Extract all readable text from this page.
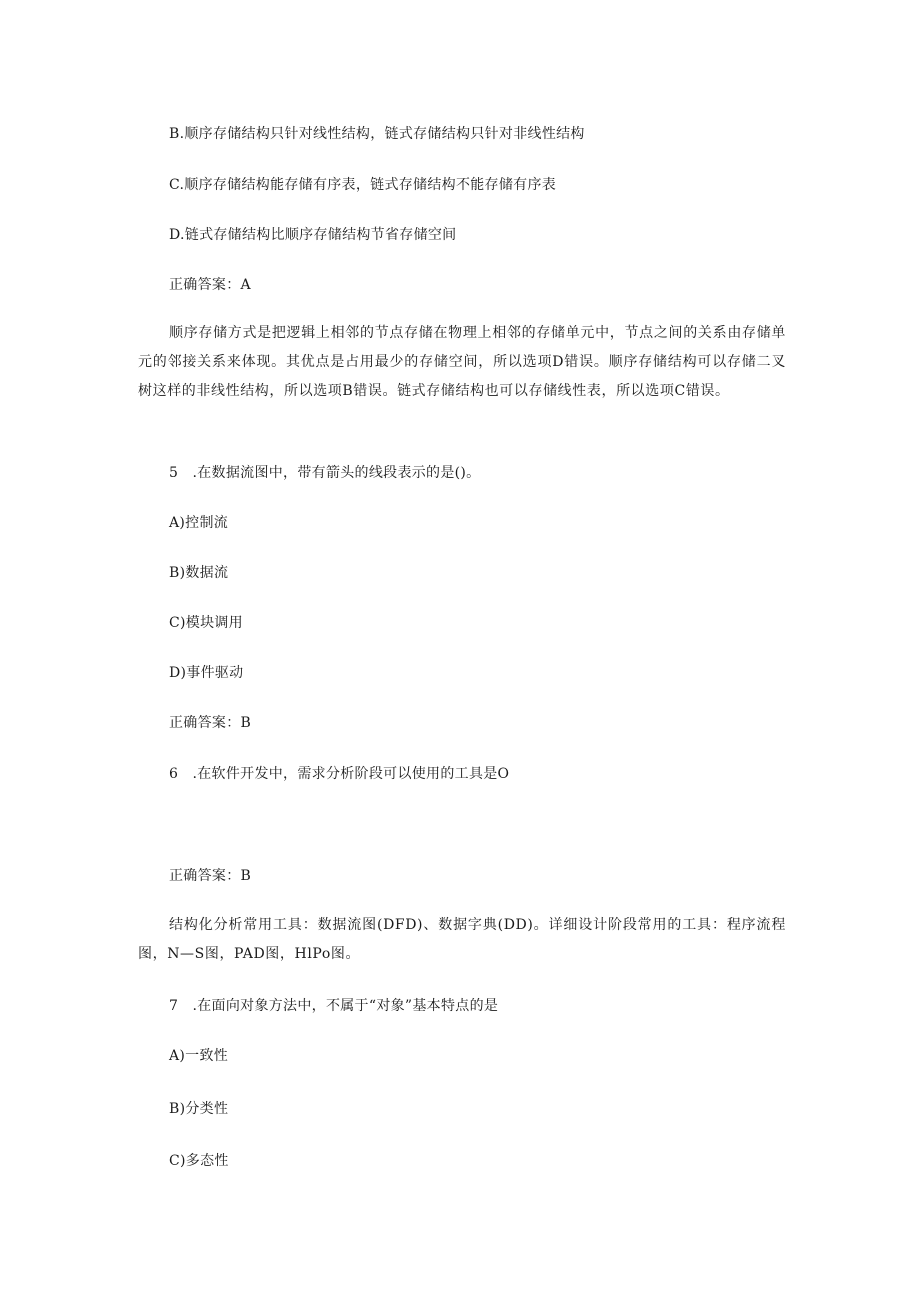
B.顺序存储结构只针对线性结构，链式存储结构只针对非线性结构
C.顺序存储结构能存储有序表，链式存储结构不能存储有序表
D.链式存储结构比顺序存储结构节省存储空间
正确答案：A
顺序存储方式是把逻辑上相邻的节点存储在物理上相邻的存储单元中，节点之间的关系由存储单元的邻接关系来体现。其优点是占用最少的存储空间，所以选项D错误。顺序存储结构可以存储二叉树这样的非线性结构，所以选项B错误。链式存储结构也可以存储线性表，所以选项C错误。
5　.在数据流图中，带有箭头的线段表示的是()。
A)控制流
B)数据流
C)模块调用
D)事件驱动
正确答案：B
6　.在软件开发中，需求分析阶段可以使用的工具是O
正确答案：B
结构化分析常用工具：数据流图(DFD)、数据字典(DD)。详细设计阶段常用的工具：程序流程图，N—S图，PAD图，HlPo图。
7　.在面向对象方法中，不属于“对象”基本特点的是
A)一致性
B)分类性
C)多态性
